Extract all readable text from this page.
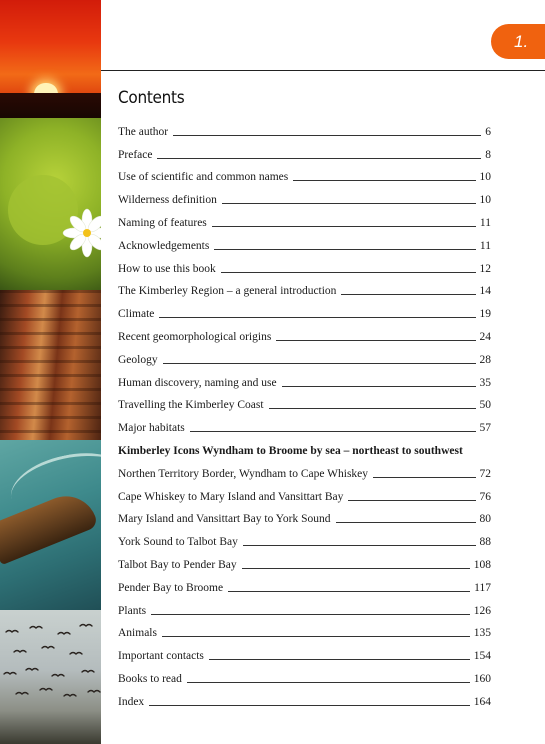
1.
Contents
The author	6
Preface	8
Use of scientific and common names	10
Wilderness definition	10
Naming of features	11
Acknowledgements	11
How to use this book	12
The Kimberley Region – a general introduction	14
Climate	19
Recent geomorphological origins	24
Geology	28
Human discovery, naming and use	35
Travelling the Kimberley Coast	50
Major habitats	57
Kimberley Icons Wyndham to Broome by sea – northeast to southwest
Northen Territory Border, Wyndham to Cape Whiskey	72
Cape Whiskey to Mary Island and Vansittart Bay	76
Mary Island and Vansittart Bay to York Sound	80
York Sound to Talbot Bay	88
Talbot Bay to Pender Bay	108
Pender Bay to Broome	117
Plants	126
Animals	135
Important contacts	154
Books to read	160
Index	164
